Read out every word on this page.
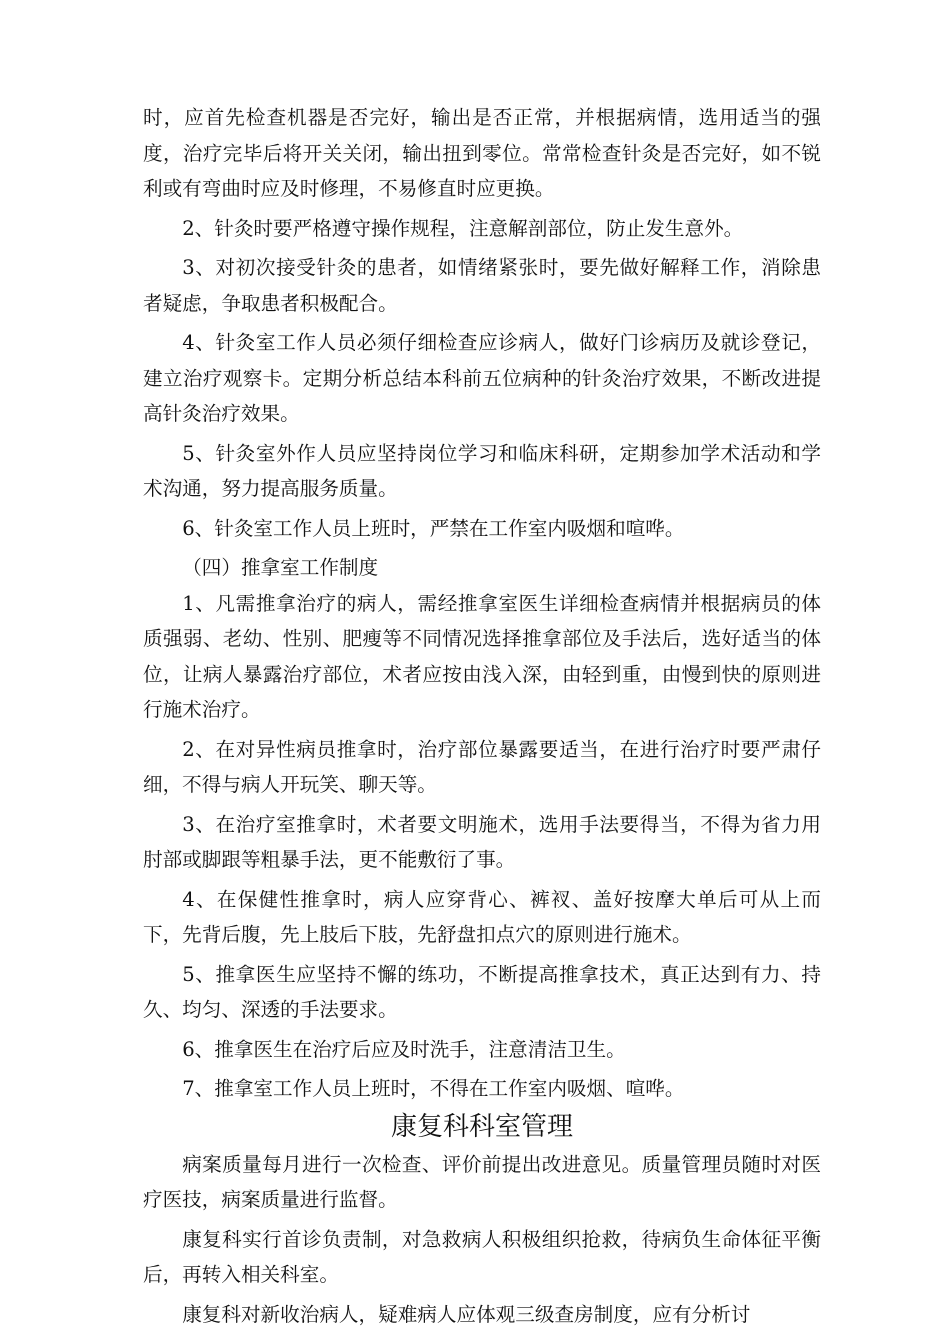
时，应首先检查机器是否完好，输出是否正常，并根据病情，选用适当的强度，治疗完毕后将开关关闭，输出扭到零位。常常检查针灸是否完好，如不锐利或有弯曲时应及时修理，不易修直时应更换。

2、针灸时要严格遵守操作规程，注意解剖部位，防止发生意外。

3、对初次接受针灸的患者，如情绪紧张时，要先做好解释工作，消除患者疑虑，争取患者积极配合。

4、针灸室工作人员必须仔细检查应诊病人，做好门诊病历及就诊登记，建立治疗观察卡。定期分析总结本科前五位病种的针灸治疗效果，不断改进提高针灸治疗效果。

5、针灸室外作人员应坚持岗位学习和临床科研，定期参加学术活动和学术沟通，努力提高服务质量。

6、针灸室工作人员上班时，严禁在工作室内吸烟和喧哗。

（四）推拿室工作制度

1、凡需推拿治疗的病人，需经推拿室医生详细检查病情并根据病员的体质强弱、老幼、性别、肥瘦等不同情况选择推拿部位及手法后，选好适当的体位，让病人暴露治疗部位，术者应按由浅入深，由轻到重，由慢到快的原则进行施术治疗。

2、在对异性病员推拿时，治疗部位暴露要适当，在进行治疗时要严肃仔细，不得与病人开玩笑、聊天等。

3、在治疗室推拿时，术者要文明施术，选用手法要得当，不得为省力用肘部或脚跟等粗暴手法，更不能敷衍了事。

4、在保健性推拿时，病人应穿背心、裤衩、盖好按摩大单后可从上而下，先背后腹，先上肢后下肢，先舒盘扣点穴的原则进行施术。

5、推拿医生应坚持不懈的练功，不断提高推拿技术，真正达到有力、持久、均匀、深透的手法要求。

6、推拿医生在治疗后应及时洗手，注意清洁卫生。

7、推拿室工作人员上班时，不得在工作室内吸烟、喧哗。

康复科科室管理

病案质量每月进行一次检查、评价前提出改进意见。质量管理员随时对医疗医技，病案质量进行监督。

康复科实行首诊负责制，对急救病人积极组织抢救，待病负生命体征平衡后，再转入相关科室。

康复科对新收治病人，疑难病人应体观三级查房制度，应有分析讨
